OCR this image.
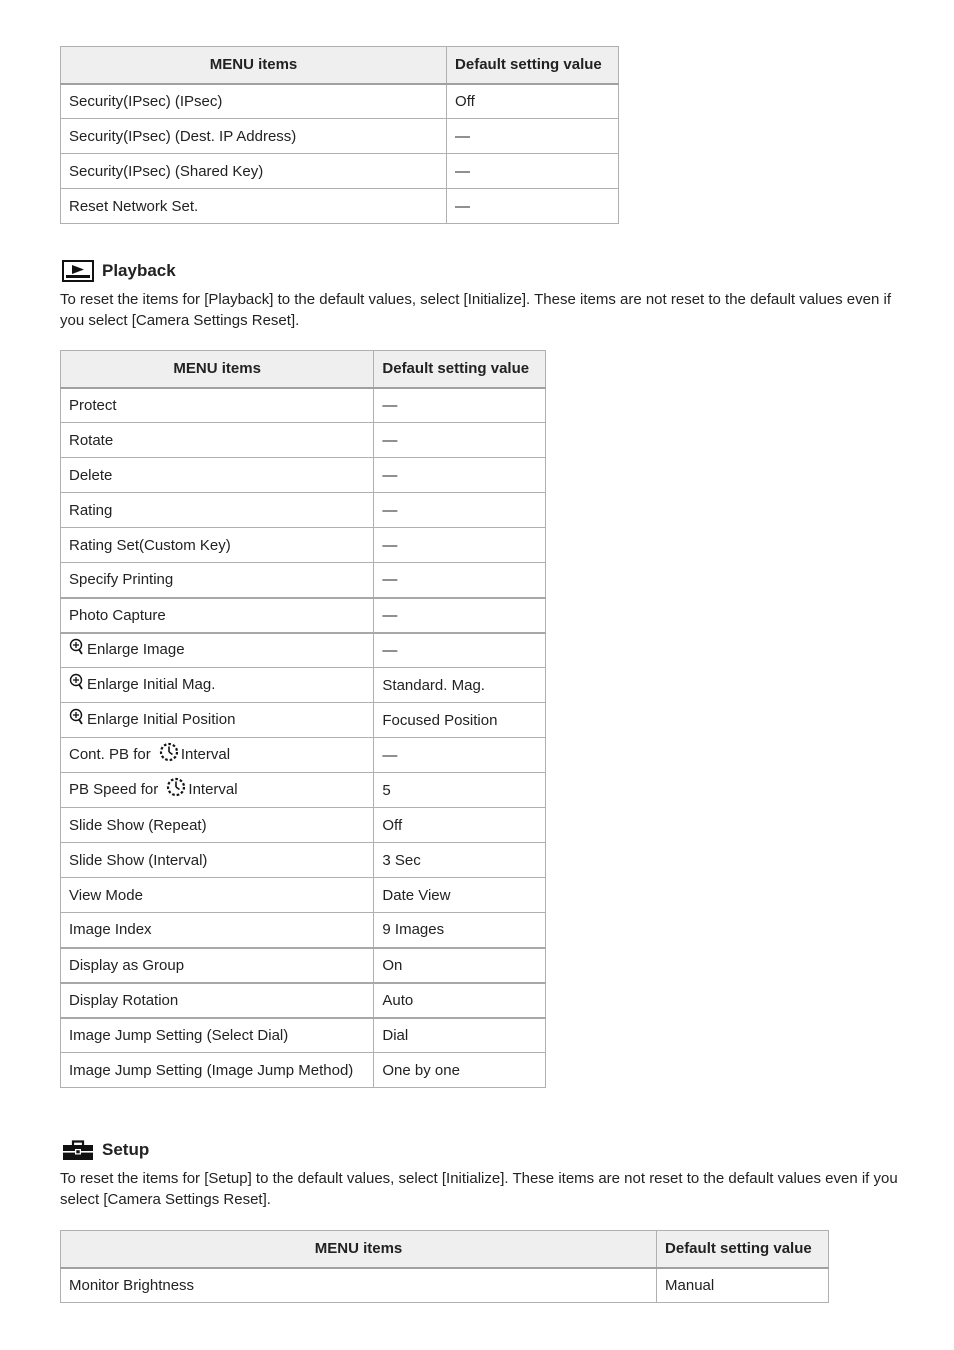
MENU items	Default setting value
Security(IPsec) (IPsec)	Off
Security(IPsec) (Dest. IP Address)	—
Security(IPsec) (Shared Key)	—
Reset Network Set.	—
Playback
To reset the items for [Playback] to the default values, select [Initialize]. These items are not reset to the default values even if you select [Camera Settings Reset].
MENU items	Default setting value
Protect	—
Rotate	—
Delete	—
Rating	—
Rating Set(Custom Key)	—
Specify Printing	—
Photo Capture	—
Enlarge Image	—
Enlarge Initial Mag.	Standard. Mag.
Enlarge Initial Position	Focused Position
Cont. PB for Interval	—
PB Speed for Interval	5
Slide Show (Repeat)	Off
Slide Show (Interval)	3 Sec
View Mode	Date View
Image Index	9 Images
Display as Group	On
Display Rotation	Auto
Image Jump Setting (Select Dial)	Dial
Image Jump Setting (Image Jump Method)	One by one
Setup
To reset the items for [Setup] to the default values, select [Initialize]. These items are not reset to the default values even if you select [Camera Settings Reset].
MENU items	Default setting value
Monitor Brightness	Manual
